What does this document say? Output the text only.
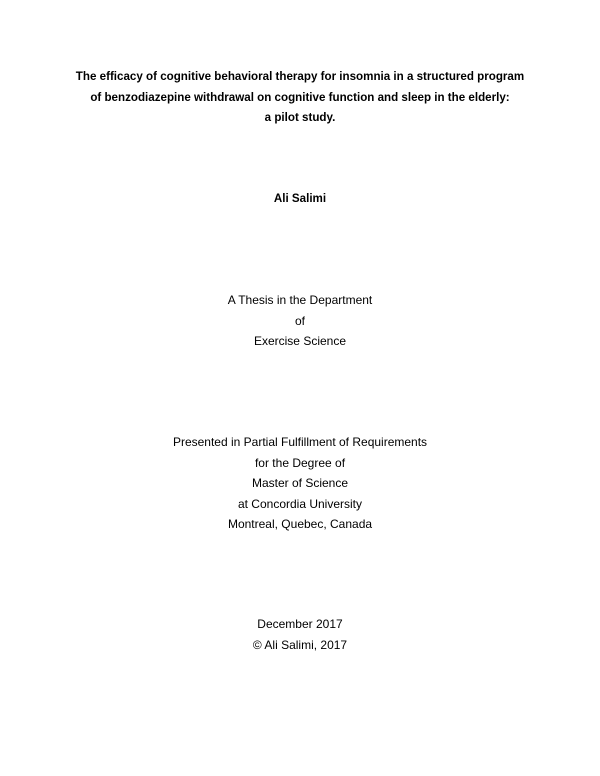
The efficacy of cognitive behavioral therapy for insomnia in a structured program
of benzodiazepine withdrawal on cognitive function and sleep in the elderly:
a pilot study.
Ali Salimi
A Thesis in the Department
of
Exercise Science
Presented in Partial Fulfillment of Requirements
for the Degree of
Master of Science
at Concordia University
Montreal, Quebec, Canada
December 2017
© Ali Salimi, 2017
